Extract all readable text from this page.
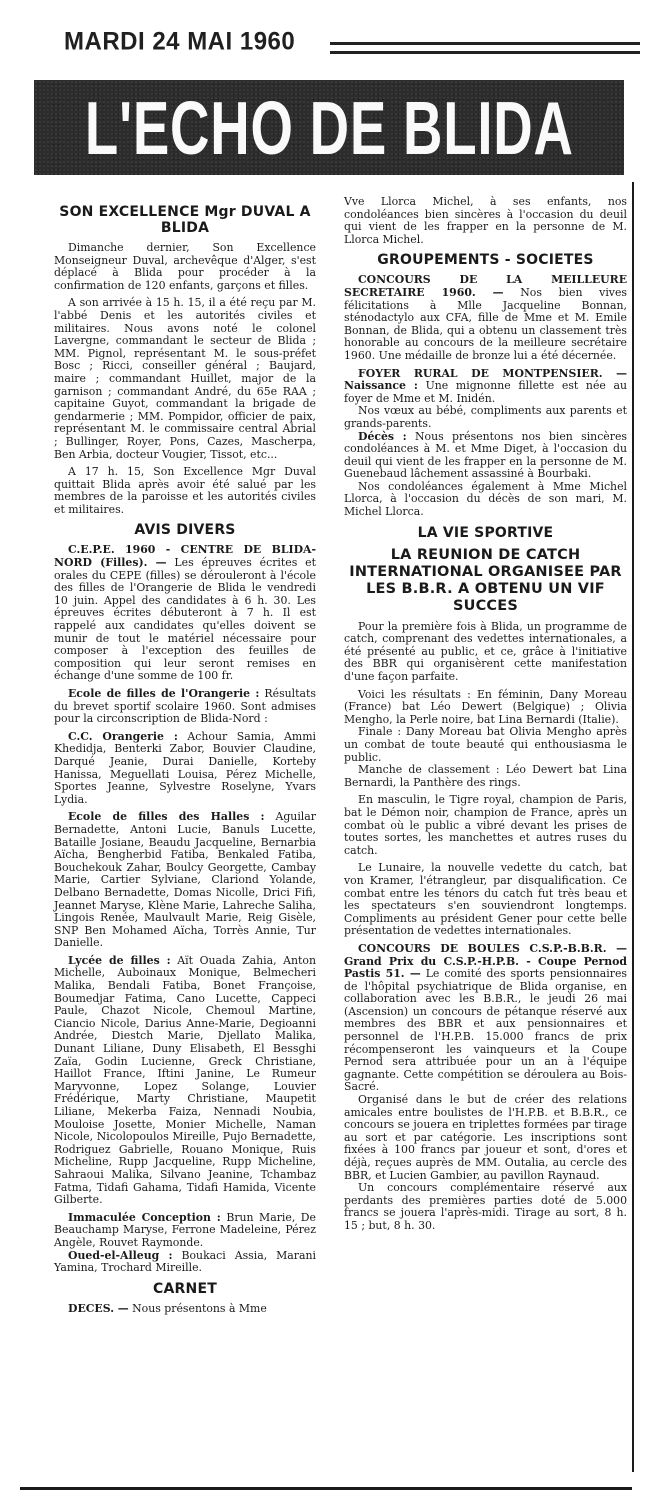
MARDI 24 MAI 1960
L'ECHO DE BLIDA
SON EXCELLENCE Mgr DUVAL A BLIDA

Dimanche dernier, Son Excellence Monseigneur Duval, archevêque d'Alger, s'est déplacé à Blida pour procéder à la confirmation de 120 enfants, garçons et filles.

A son arrivée à 15 h. 15, il a été reçu par M. l'abbé Denis et les autorités civiles et militaires. Nous avons noté le colonel Lavergne, commandant le secteur de Blida ; MM. Pignol, représentant M. le sous-préfet Bosc ; Ricci, conseiller général ; Baujard, maire ; commandant Huillet, major de la garnison ; commandant André, du 65e RAA ; capitaine Guyot, commandant la brigade de gendarmerie ; MM. Pompidor, officier de paix, représentant M. le commissaire central Abrial ; Bullinger, Royer, Pons, Cazes, Mascherpa, Ben Arbia, docteur Vougier, Tissot, etc...

A 17 h. 15, Son Excellence Mgr Duval quittait Blida après avoir été salué par les membres de la paroisse et les autorités civiles et militaires.

AVIS DIVERS

C.E.P.E. 1960 - CENTRE DE BLIDA-NORD (Filles). — Les épreuves écrites et orales du CEPE (filles) se dérouleront à l'école des filles de l'Orangerie de Blida le vendredi 10 juin. Appel des candidates à 6 h. 30. Les épreuves écrites débuteront à 7 h. Il est rappelé aux candidates qu'elles doivent se munir de tout le matériel nécessaire pour composer à l'exception des feuilles de composition qui leur seront remises en échange d'une somme de 100 fr.

Ecole de filles de l'Orangerie : Résultats du brevet sportif scolaire 1960. Sont admises pour la circonscription de Blida-Nord :

C.C. Orangerie : Achour Samia, Ammi Khedidja, Benterki Zabor, Bouvier Claudine, Darqué Jeanie, Durai Danielle, Korteby Hanissa, Meguellati Louisa, Pérez Michelle, Sportes Jeanne, Sylvestre Roselyne, Yvars Lydia.

Ecole de filles des Halles : Aguilar Bernadette, Antoni Lucie, Banuls Lucette, Bataille Josiane, Beaudu Jacqueline, Bernarbia Aïcha, Bengherbid Fatiba, Benkaled Fatiba, Bouchekouk Zahar, Boulcy Georgette, Cambay Marie, Cartier Sylviane, Clariond Yolande, Delbano Bernadette, Domas Nicolle, Drici Fifi, Jeannet Maryse, Klène Marie, Lahreche Saliha, Lingois Renée, Maulvault Marie, Reig Gisèle, SNP Ben Mohamed Aïcha, Torrès Annie, Tur Danielle.

Lycée de filles : Aït Ouada Zahia, Anton Michelle, Auboinaux Monique, Belmecheri Malika, Bendali Fatiba, Bonet Françoise, Boumedjar Fatima, Cano Lucette, Cappeci Paule, Chazot Nicole, Chemoul Martine, Ciancio Nicole, Darius Anne-Marie, Degioanni Andrée, Diestch Marie, Djellato Malika, Dunant Liliane, Duny Elisabeth, El Bessghi Zaïa, Godin Lucienne, Greck Christiane, Haillot France, Iftini Janine, Le Rumeur Maryvonne, Lopez Solange, Louvier Frédérique, Marty Christiane, Maupetit Liliane, Mekerba Faiza, Nennadi Noubia, Mouloise Josette, Monier Michelle, Naman Nicole, Nicolopoulos Mireille, Pujo Bernadette, Rodriguez Gabrielle, Rouano Monique, Ruis Micheline, Rupp Jacqueline, Rupp Micheline, Sahraoui Malika, Silvano Jeanine, Tchambaz Fatma, Tidafi Gahama, Tidafi Hamida, Vicente Gilberte.

Immaculée Conception : Brun Marie, De Beauchamp Maryse, Ferrone Madeleine, Pérez Angèle, Rouvet Raymonde.

Oued-el-Alleug : Boukaci Assia, Marani Yamina, Trochard Mireille.

CARNET

DECES. — Nous présentons à Mme

Vve Llorca Michel, à ses enfants, nos condoléances bien sincères à l'occasion du deuil qui vient de les frapper en la personne de M. Llorca Michel.

GROUPEMENTS - SOCIETES

CONCOURS DE LA MEILLEURE SECRETAIRE 1960. — Nos bien vives félicitations à Mlle Jacqueline Bonnan, sténodactylo aux CFA, fille de Mme et M. Emile Bonnan, de Blida, qui a obtenu un classement très honorable au concours de la meilleure secrétaire 1960. Une médaille de bronze lui a été décernée.

FOYER RURAL DE MONTPENSIER. — Naissance : Une mignonne fillette est née au foyer de Mme et M. Inidén.

Nos vœux au bébé, compliments aux parents et grands-parents.

Décès : Nous présentons nos bien sincères condoléances à M. et Mme Diget, à l'occasion du deuil qui vient de les frapper en la personne de M. Guenebaud lâchement assassiné à Bourbaki.

Nos condoléances également à Mme Michel Llorca, à l'occasion du décès de son mari, M. Michel Llorca.

LA VIE SPORTIVE
LA REUNION DE CATCH INTERNATIONAL ORGANISEE PAR LES B.B.R. A OBTENU UN VIF SUCCES

Pour la première fois à Blida, un programme de catch, comprenant des vedettes internationales, a été présenté au public, et ce, grâce à l'initiative des BBR qui organisèrent cette manifestation d'une façon parfaite.

Voici les résultats : En féminin, Dany Moreau (France) bat Léo Dewert (Belgique) ; Olivia Mengho, la Perle noire, bat Lina Bernardi (Italie).

Finale : Dany Moreau bat Olivia Mengho après un combat de toute beauté qui enthousiasma le public.

Manche de classement : Léo Dewert bat Lina Bernardi, la Panthère des rings.

En masculin, le Tigre royal, champion de Paris, bat le Démon noir, champion de France, après un combat où le public a vibré devant les prises de toutes sortes, les manchettes et autres ruses du catch.

Le Lunaire, la nouvelle vedette du catch, bat von Kramer, l'étrangleur, par disqualification. Ce combat entre les ténors du catch fut très beau et les spectateurs s'en souviendront longtemps. Compliments au président Gener pour cette belle présentation de vedettes internationales.

CONCOURS DE BOULES C.S.P.-B.B.R. — Grand Prix du C.S.P.-H.P.B. - Coupe Pernod Pastis 51. — Le comité des sports pensionnaires de l'hôpital psychiatrique de Blida organise, en collaboration avec les B.B.R., le jeudi 26 mai (Ascension) un concours de pétanque réservé aux membres des BBR et aux pensionnaires et personnel de l'H.P.B. 15.000 francs de prix récompenseront les vainqueurs et la Coupe Pernod sera attribuée pour un an à l'équipe gagnante. Cette compétition se déroulera au Bois-Sacré.

Organisé dans le but de créer des relations amicales entre boulistes de l'H.P.B. et B.B.R., ce concours se jouera en triplettes formées par tirage au sort et par catégorie. Les inscriptions sont fixées à 100 francs par joueur et sont, d'ores et déjà, reçues auprès de MM. Outalia, au cercle des BBR, et Lucien Gambier, au pavillon Raynaud.

Un concours complémentaire réservé aux perdants des premières parties doté de 5.000 francs se jouera l'après-midi. Tirage au sort, 8 h. 15 ; but, 8 h. 30.
